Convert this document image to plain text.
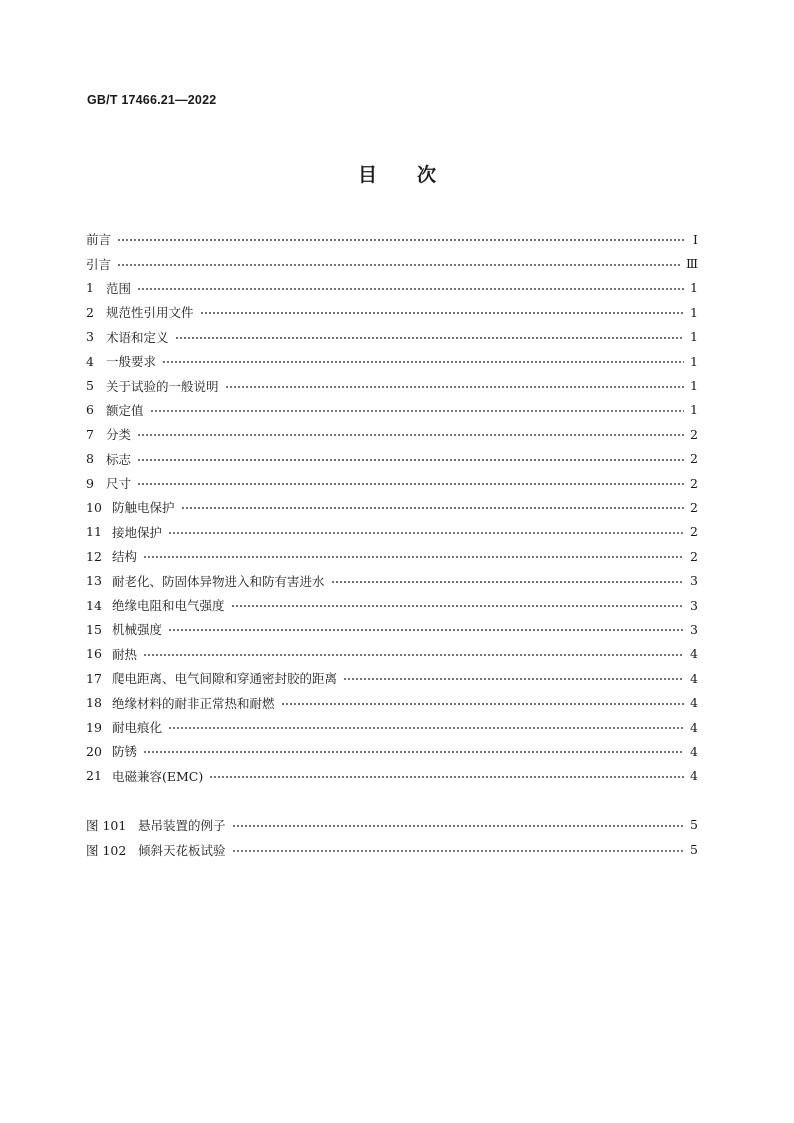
GB/T 17466.21—2022
目次
前言	Ⅰ
引言	Ⅲ
1 范围	1
2 规范性引用文件	1
3 术语和定义	1
4 一般要求	1
5 关于试验的一般说明	1
6 额定值	1
7 分类	2
8 标志	2
9 尺寸	2
10 防触电保护	2
11 接地保护	2
12 结构	2
13 耐老化、防固体异物进入和防有害进水	3
14 绝缘电阻和电气强度	3
15 机械强度	3
16 耐热	4
17 爬电距离、电气间隙和穿通密封胶的距离	4
18 绝缘材料的耐非正常热和耐燃	4
19 耐电痕化	4
20 防锈	4
21 电磁兼容(EMC)	4
图 101 悬吊装置的例子	5
图 102 倾斜天花板试验	5
